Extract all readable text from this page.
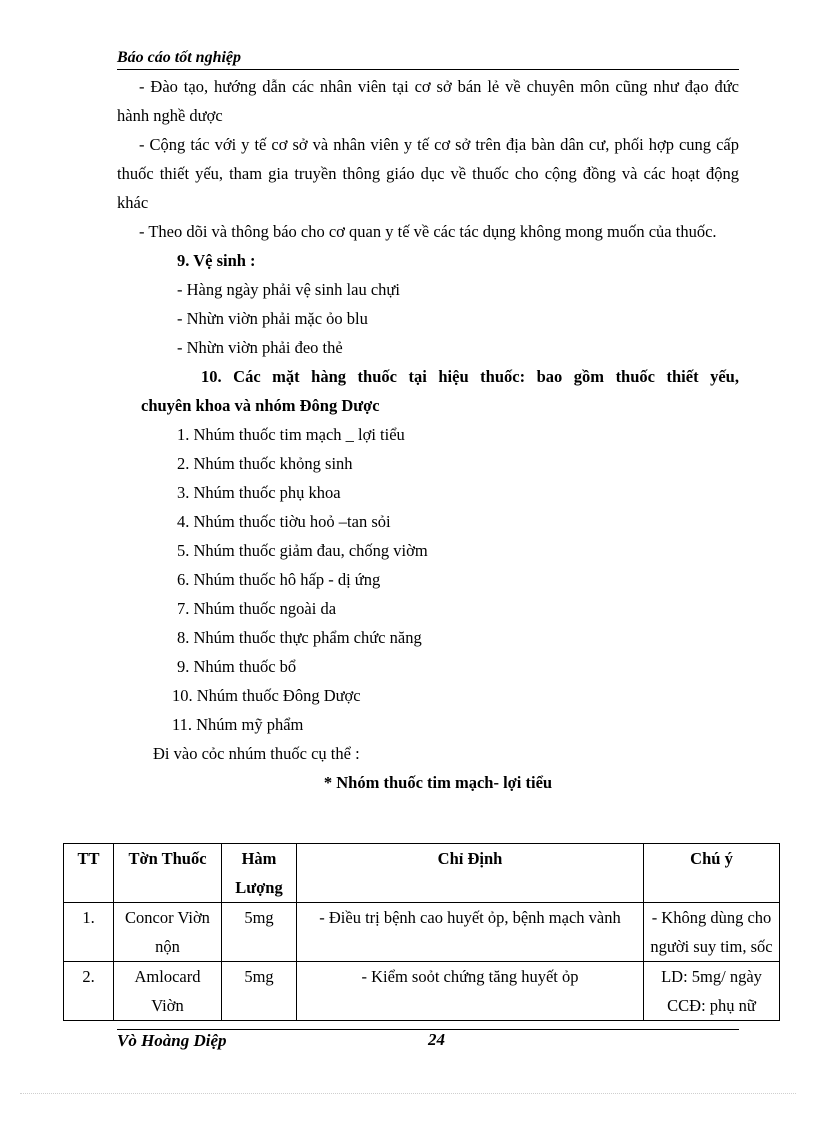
Báo cáo tốt nghiệp
- Đào tạo, hướng dẫn các nhân viên tại cơ sở bán lẻ về chuyên môn cũng như đạo đức hành nghề dược
- Cộng tác với y tế cơ sở và nhân viên y tế cơ sở trên địa bàn dân cư, phối hợp cung cấp thuốc thiết yếu, tham gia truyền thông giáo dục về thuốc cho cộng đồng và các hoạt động khác
- Theo dõi và thông báo cho cơ quan y tế về các tác dụng không mong muốn của thuốc.
9. Vệ sinh :
- Hàng ngày phải vệ sinh lau chựi
- Nhừn viờn phải mặc ỏo blu
- Nhừn viờn phải đeo thẻ
10. Các mặt hàng thuốc tại hiệu thuốc: bao gồm thuốc thiết yếu,
chuyên khoa và nhóm Đông Dược
1. Nhúm thuốc tim mạch _ lợi tiểu
2. Nhúm thuốc khỏng sinh
3. Nhúm thuốc phụ khoa
4. Nhúm thuốc tiờu hoỏ –tan sỏi
5. Nhúm thuốc giảm đau, chống viờm
6. Nhúm thuốc hô hấp - dị ứng
7. Nhúm thuốc ngoài da
8. Nhúm thuốc thực phẩm chức năng
9. Nhúm thuốc bổ
10. Nhúm thuốc Đông Dược
11. Nhúm mỹ phẩm
Đi vào cỏc nhúm thuốc cụ thể :
* Nhóm thuốc tim mạch- lợi tiểu
TT	Tờn Thuốc	Hàm Lượng	Chỉ Định	Chú ý
1.	Concor Viờn nộn	5mg	- Điều trị bệnh cao huyết ỏp, bệnh mạch vành	- Không dùng cho người suy tim, sốc
2.	Amlocard Viờn	5mg	- Kiểm soỏt chứng tăng huyết ỏp	LD: 5mg/ ngày CCĐ: phụ nữ
Vò Hoàng Diệp	24
